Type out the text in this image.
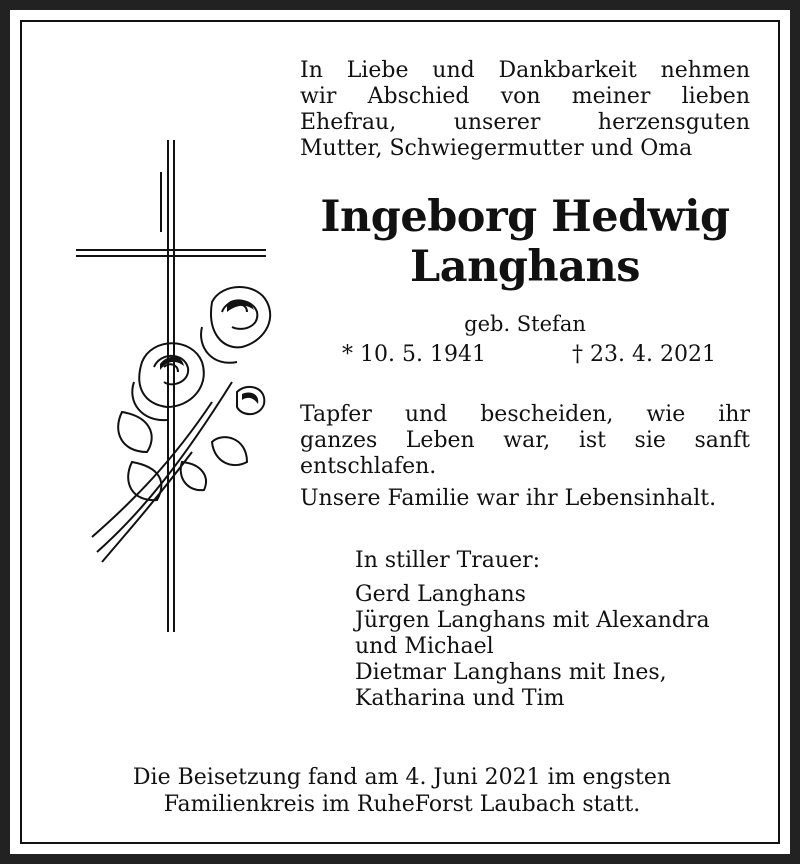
In Liebe und Dankbarkeit nehmen
wir Abschied von meiner lieben
Ehefrau, unserer herzensguten
Mutter, Schwiegermutter und Oma
Ingeborg Hedwig
Langhans
geb. Stefan
* 10. 5. 1941	† 23. 4. 2021
Tapfer und bescheiden, wie ihr
ganzes Leben war, ist sie sanft
entschlafen.
Unsere Familie war ihr Lebensinhalt.
In stiller Trauer:
Gerd Langhans
Jürgen Langhans mit Alexandra
und Michael
Dietmar Langhans mit Ines,
Katharina und Tim
Die Beisetzung fand am 4. Juni 2021 im engsten
Familienkreis im RuheForst Laubach statt.
